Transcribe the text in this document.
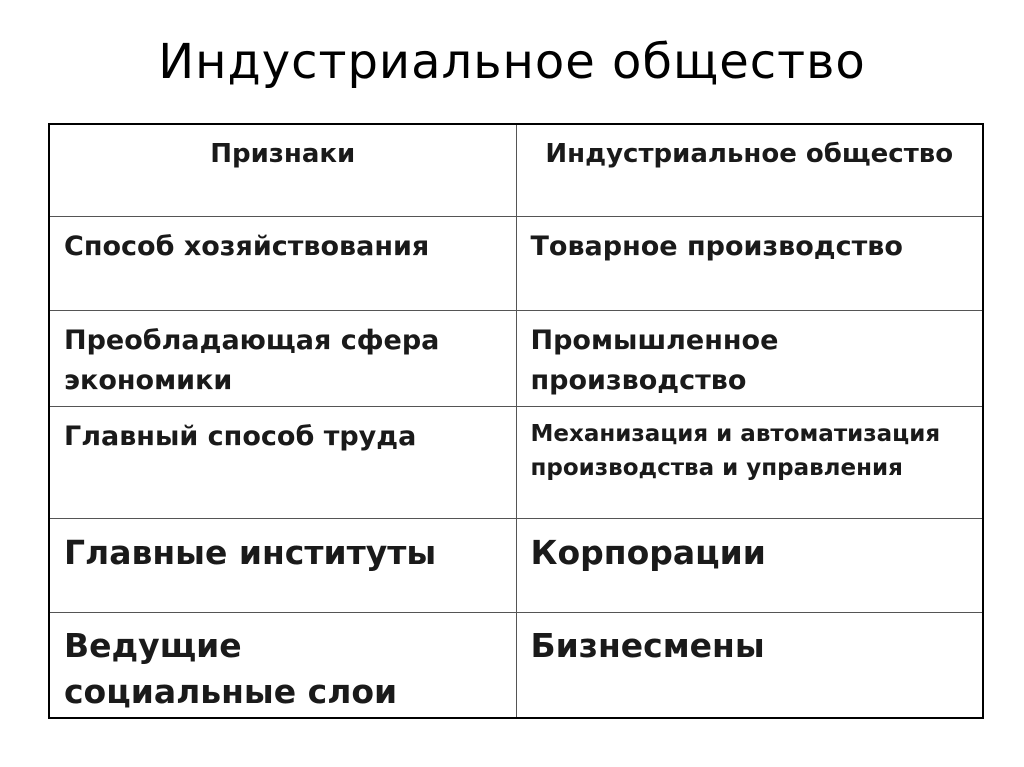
Индустриальное общество
Признаки	Индустриальное общество

Способ хозяйствования	Товарное производство

Преобладающая сфера экономики	Промышленное производство

Главный способ труда	Механизация и автоматизация производства и управления

Главные институты	Корпорации

Ведущие социальные слои	Бизнесмены
